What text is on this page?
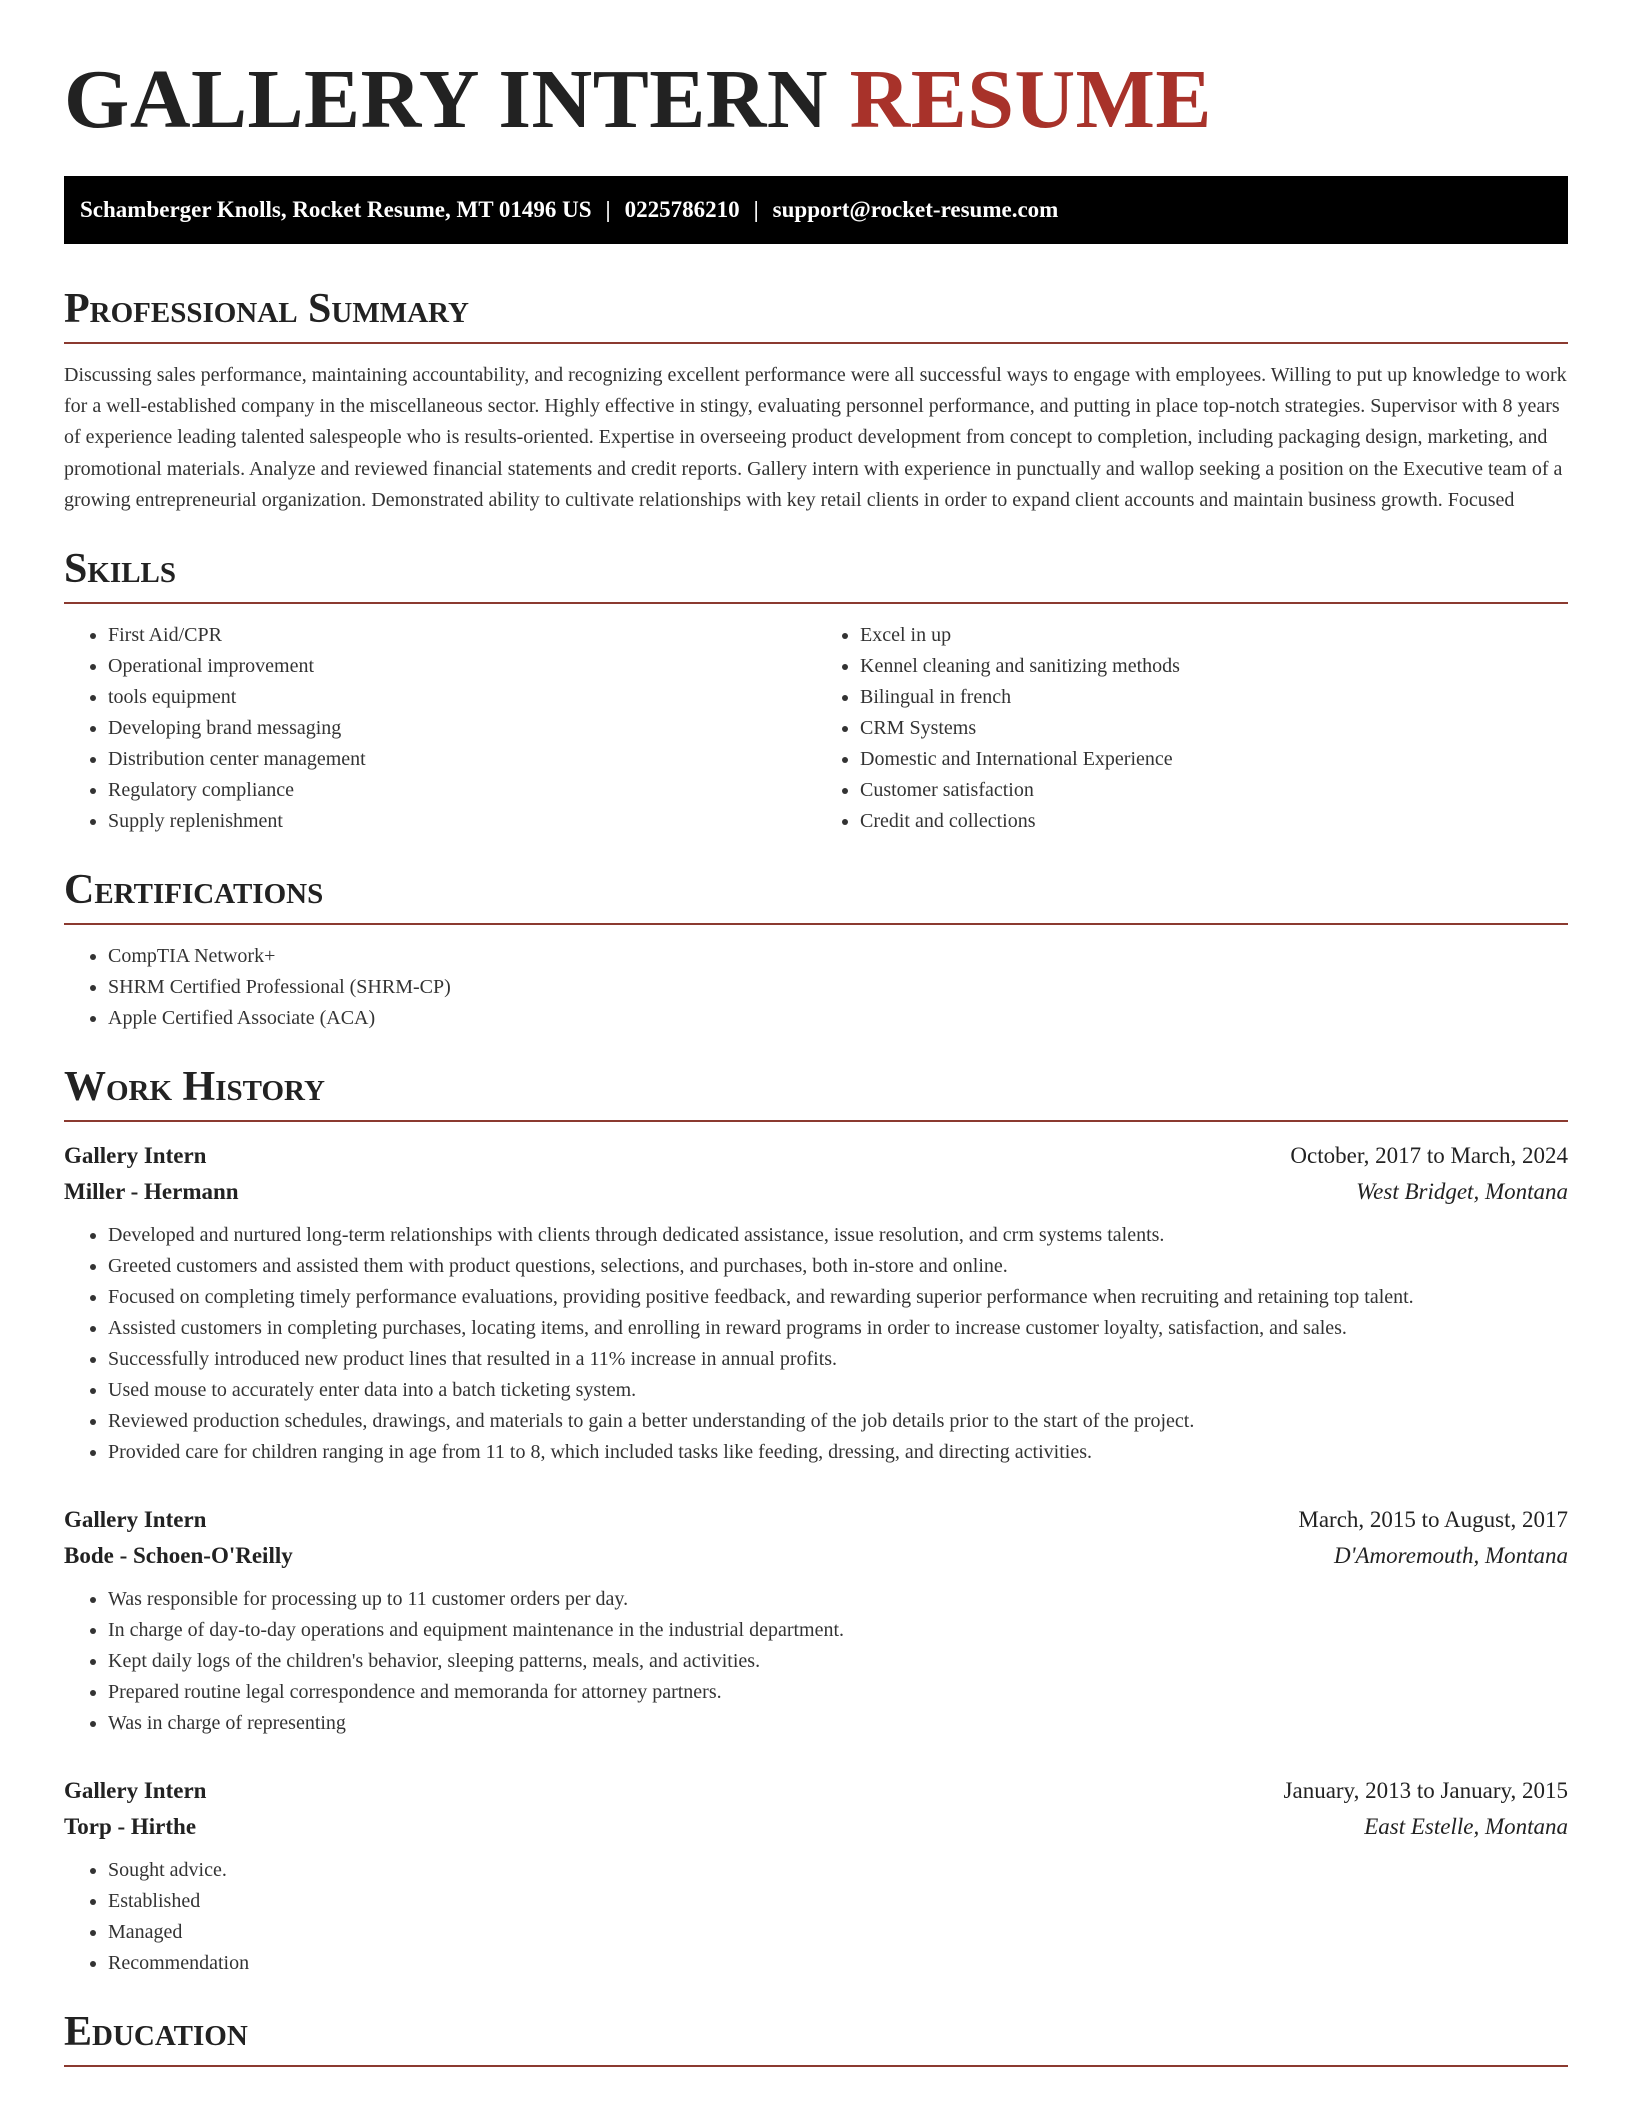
GALLERY INTERN RESUME
Schamberger Knolls, Rocket Resume, MT 01496 US | 0225786210 | support@rocket-resume.com
Professional Summary

Discussing sales performance, maintaining accountability, and recognizing excellent performance were all successful ways to engage with employees. Willing to put up knowledge to work for a well-established company in the miscellaneous sector. Highly effective in stingy, evaluating personnel performance, and putting in place top-notch strategies. Supervisor with 8 years of experience leading talented salespeople who is results-oriented. Expertise in overseeing product development from concept to completion, including packaging design, marketing, and promotional materials. Analyze and reviewed financial statements and credit reports. Gallery intern with experience in punctually and wallop seeking a position on the Executive team of a growing entrepreneurial organization. Demonstrated ability to cultivate relationships with key retail clients in order to expand client accounts and maintain business growth. Focused

Skills
• First Aid/CPR
• Operational improvement
• tools equipment
• Developing brand messaging
• Distribution center management
• Regulatory compliance
• Supply replenishment
• Excel in up
• Kennel cleaning and sanitizing methods
• Bilingual in french
• CRM Systems
• Domestic and International Experience
• Customer satisfaction
• Credit and collections
Certifications
• CompTIA Network+
• SHRM Certified Professional (SHRM-CP)
• Apple Certified Associate (ACA)
Work History
Gallery Intern	October, 2017 to March, 2024
Miller - Hermann	West Bridget, Montana
• Developed and nurtured long-term relationships with clients through dedicated assistance, issue resolution, and crm systems talents.
• Greeted customers and assisted them with product questions, selections, and purchases, both in-store and online.
• Focused on completing timely performance evaluations, providing positive feedback, and rewarding superior performance when recruiting and retaining top talent.
• Assisted customers in completing purchases, locating items, and enrolling in reward programs in order to increase customer loyalty, satisfaction, and sales.
• Successfully introduced new product lines that resulted in a 11% increase in annual profits.
• Used mouse to accurately enter data into a batch ticketing system.
• Reviewed production schedules, drawings, and materials to gain a better understanding of the job details prior to the start of the project.
• Provided care for children ranging in age from 11 to 8, which included tasks like feeding, dressing, and directing activities.
Gallery Intern	March, 2015 to August, 2017
Bode - Schoen-O'Reilly	D'Amoremouth, Montana
• Was responsible for processing up to 11 customer orders per day.
• In charge of day-to-day operations and equipment maintenance in the industrial department.
• Kept daily logs of the children's behavior, sleeping patterns, meals, and activities.
• Prepared routine legal correspondence and memoranda for attorney partners.
• Was in charge of representing
Gallery Intern	January, 2013 to January, 2015
Torp - Hirthe	East Estelle, Montana
• Sought advice.
• Established
• Managed
• Recommendation
Education
